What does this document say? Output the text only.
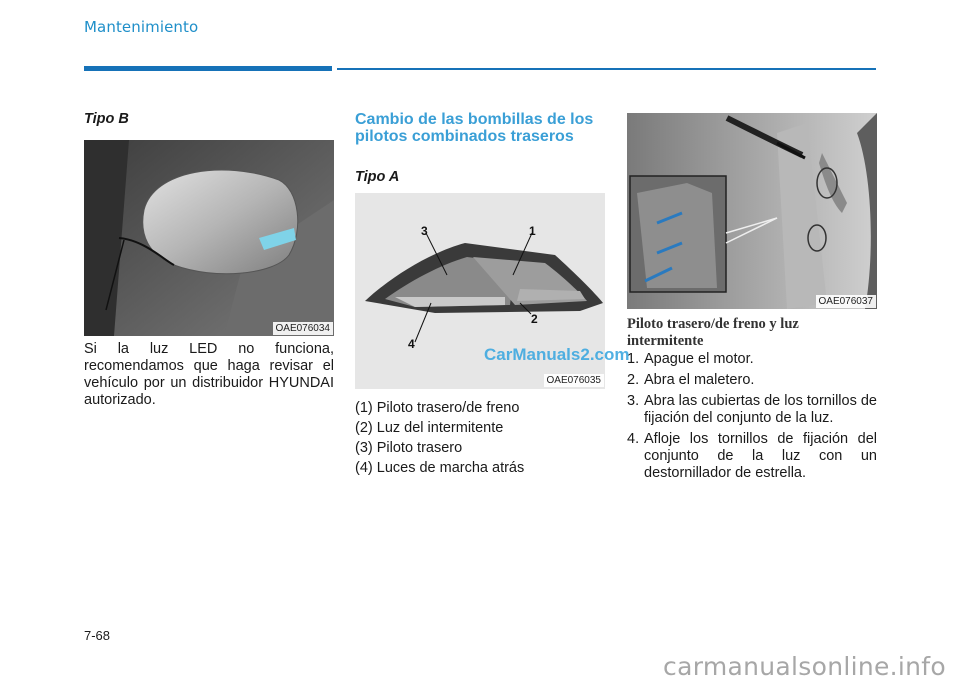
Mantenimiento
Tipo B
OAE076034

Si la luz LED no funciona, recomendamos que haga revisar el vehículo por un distribuidor HYUNDAI autorizado.

Cambio de las bombillas de los pilotos combinados traseros
Tipo A
3	1
4
2
OAE076035
(1) Piloto trasero/de freno
(2) Luz del intermitente
(3) Piloto trasero
(4) Luces de marcha atrás
OAE076037
Piloto trasero/de freno y luz intermitente
1. Apague el motor.
2. Abra el maletero.
3. Abra las cubiertas de los tornillos de fijación del conjunto de la luz.
4. Afloje los tornillos de fijación del conjunto de la luz con un destornillador de estrella.
7-68
CarManuals2.com
carmanualsonline.info
